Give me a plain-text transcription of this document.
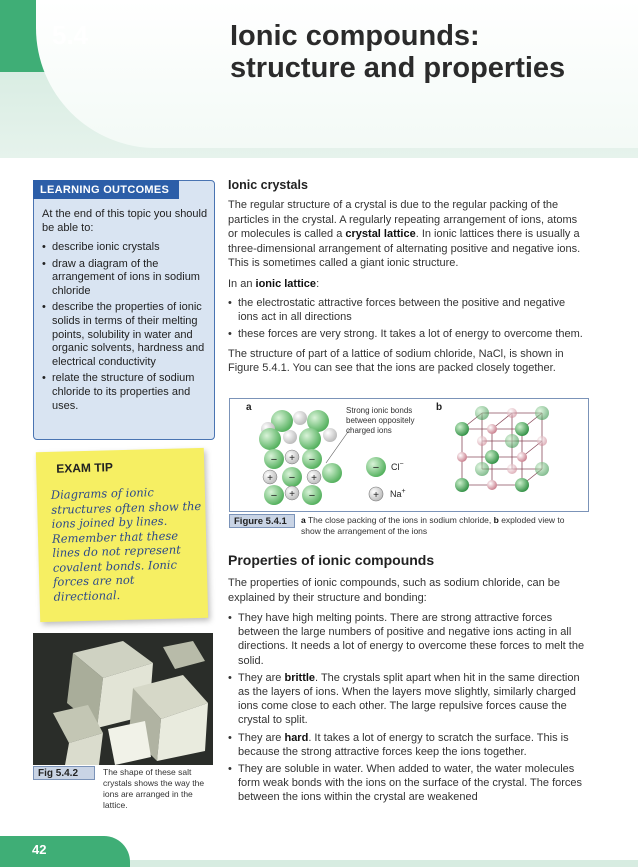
5.4	Ionic compounds: structure and properties
LEARNING OUTCOMES
At the end of this topic you should be able to:
• describe ionic crystals
• draw a diagram of the arrangement of ions in sodium chloride
• describe the properties of ionic solids in terms of their melting points, solubility in water and organic solvents, hardness and electrical conductivity
• relate the structure of sodium chloride to its properties and uses.
EXAM TIP
Diagrams of ionic structures often show the ions joined by lines. Remember that these lines do not represent covalent bonds. Ionic forces are not directional.
Fig 5.4.2	The shape of these salt crystals shows the way the ions are arranged in the lattice.
Ionic crystals

The regular structure of a crystal is due to the regular packing of the particles in the crystal. A regularly repeating arrangement of ions, atoms or molecules is called a crystal lattice. In ionic lattices there is usually a three-dimensional arrangement of alternating positive and negative ions. This is sometimes called a giant ionic structure.

In an ionic lattice:

• the electrostatic attractive forces between the positive and negative ions act in all directions
• these forces are very strong. It takes a lot of energy to overcome them.

The structure of part of a lattice of sodium chloride, NaCl, is shown in Figure 5.4.1. You can see that the ions are packed closely together.

a	b
− + −
+ − +
− + −
Strong ionic bonds between oppositely charged ions
− Cl−
+ Na+
Figure 5.4.1	a The close packing of the ions in sodium chloride, b exploded view to show the arrangement of the ions
Properties of ionic compounds

The properties of ionic compounds, such as sodium chloride, can be explained by their structure and bonding:

• They have high melting points. There are strong attractive forces between the large numbers of positive and negative ions acting in all directions. It needs a lot of energy to overcome these forces to melt the solid.
• They are brittle. The crystals split apart when hit in the same direction as the layers of ions. When the layers move slightly, similarly charged ions come close to each other. The large repulsive forces cause the crystal to split.
• They are hard. It takes a lot of energy to scratch the surface. This is because the strong attractive forces keep the ions together.
• They are soluble in water. When added to water, the water molecules form weak bonds with the ions on the surface of the crystal. The forces between the ions within the crystal are weakened
42
